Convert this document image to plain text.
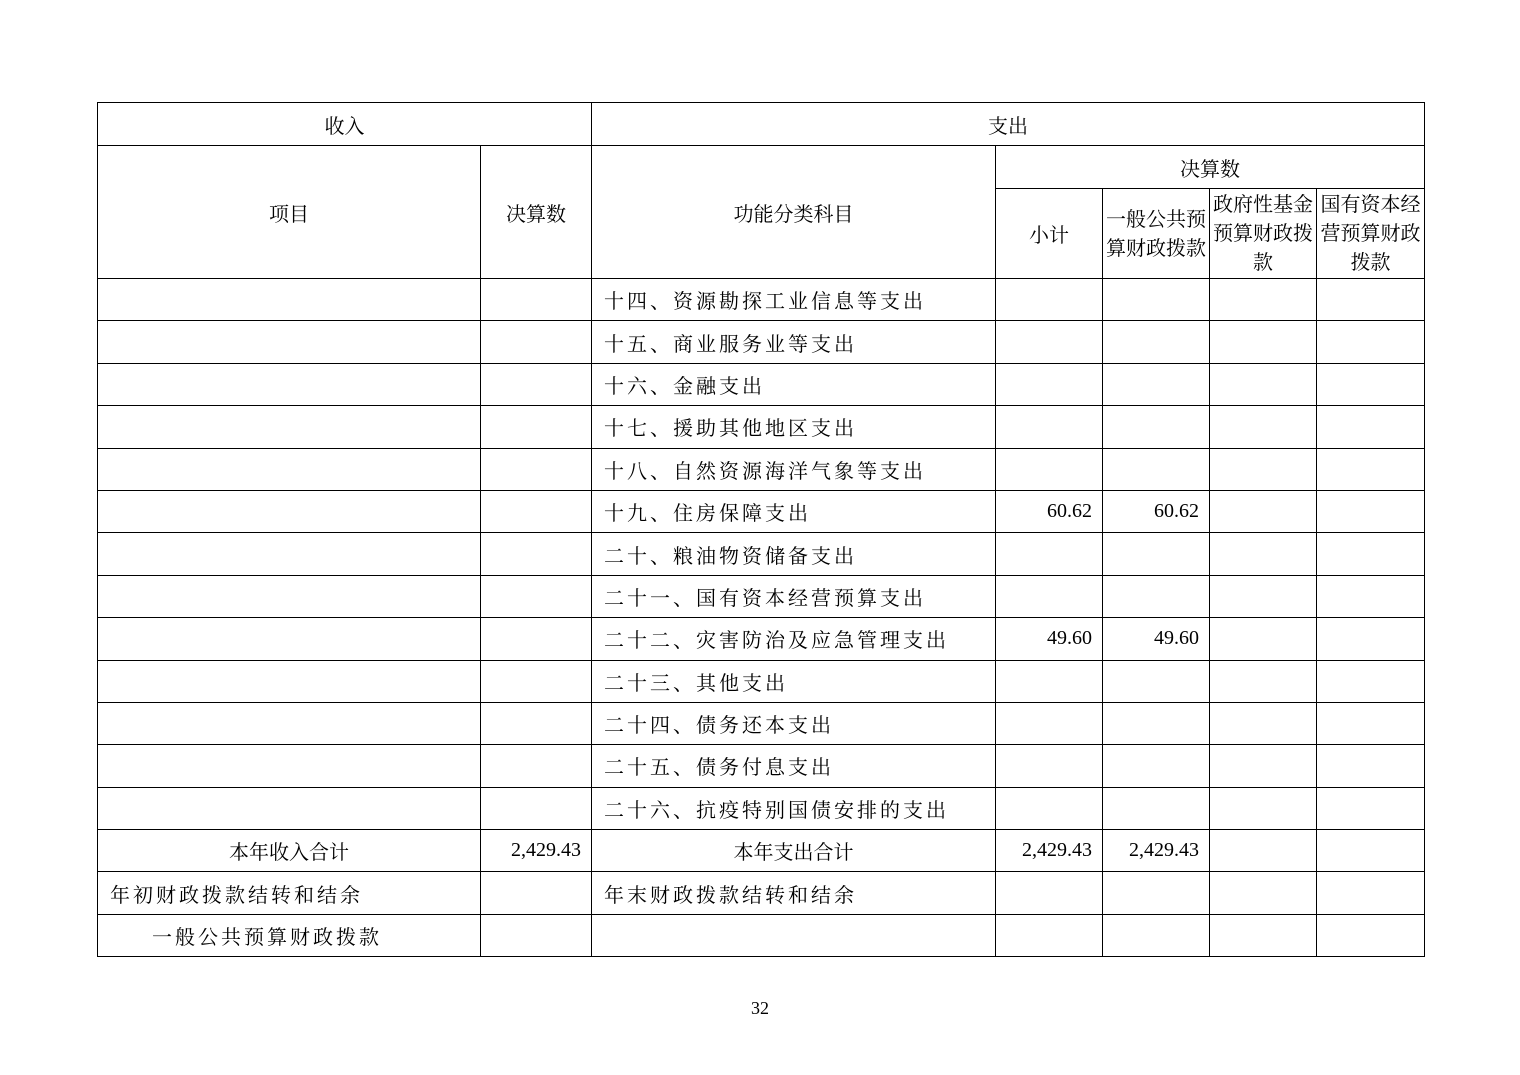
收入		支出				
项目	决算数	功能分类科目	决算数			
			小计	一般公共预算财政拨款	政府性基金预算财政拨款	国有资本经营预算财政拨款
		十四、资源勘探工业信息等支出				
		十五、商业服务业等支出				
		十六、金融支出				
		十七、援助其他地区支出				
		十八、自然资源海洋气象等支出				
		十九、住房保障支出	60.62	60.62		
		二十、粮油物资储备支出				
		二十一、国有资本经营预算支出				
		二十二、灾害防治及应急管理支出	49.60	49.60		
		二十三、其他支出				
		二十四、债务还本支出				
		二十五、债务付息支出				
		二十六、抗疫特别国债安排的支出				
本年收入合计	2,429.43	本年支出合计	2,429.43	2,429.43		
年初财政拨款结转和结余		年末财政拨款结转和结余				
一般公共预算财政拨款						
32
